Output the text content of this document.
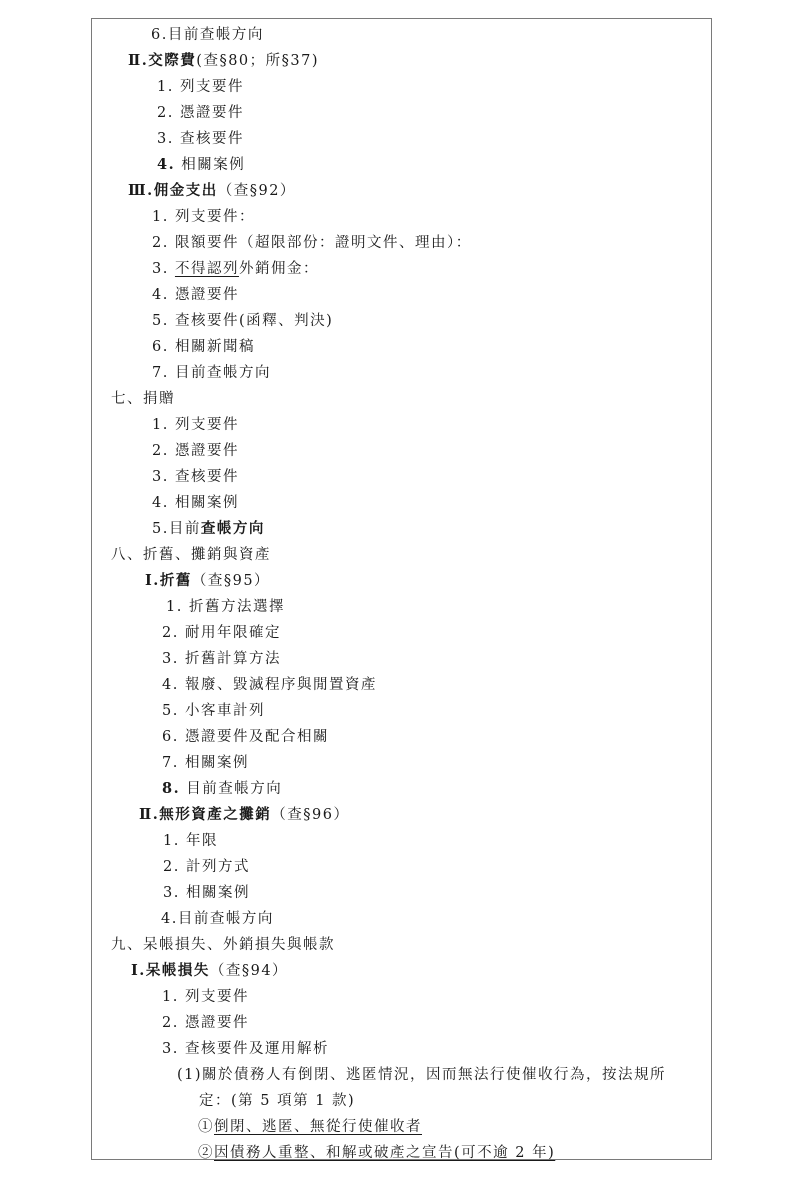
6.目前查帳方向
Ⅱ.交際費(查§80；所§37)
1. 列支要件
2. 憑證要件
3. 查核要件
4. 相關案例
Ⅲ.佣金支出（查§92）
1. 列支要件：
2. 限額要件（超限部份：證明文件、理由）：
3. 不得認列外銷佣金：
4. 憑證要件
5. 查核要件(函釋、判決)
6. 相關新聞稿
7. 目前查帳方向
七、捐贈
1. 列支要件
2. 憑證要件
3. 查核要件
4. 相關案例
5.目前查帳方向
八、折舊、攤銷與資產
Ⅰ.折舊（查§95）
1. 折舊方法選擇
2. 耐用年限確定
3. 折舊計算方法
4. 報廢、毀滅程序與閒置資產
5. 小客車計列
6. 憑證要件及配合相關
7. 相關案例
8. 目前查帳方向
Ⅱ.無形資產之攤銷（查§96）
1. 年限
2. 計列方式
3. 相關案例
4.目前查帳方向
九、呆帳損失、外銷損失與帳款
Ⅰ.呆帳損失（查§94）
1. 列支要件
2. 憑證要件
3. 查核要件及運用解析
(1)關於債務人有倒閉、逃匿情況，因而無法行使催收行為，按法規所
定：(第 5 項第 1 款)
①倒閉、逃匿、無從行使催收者
②因債務人重整、和解或破產之宣告(可不逾 2 年)
